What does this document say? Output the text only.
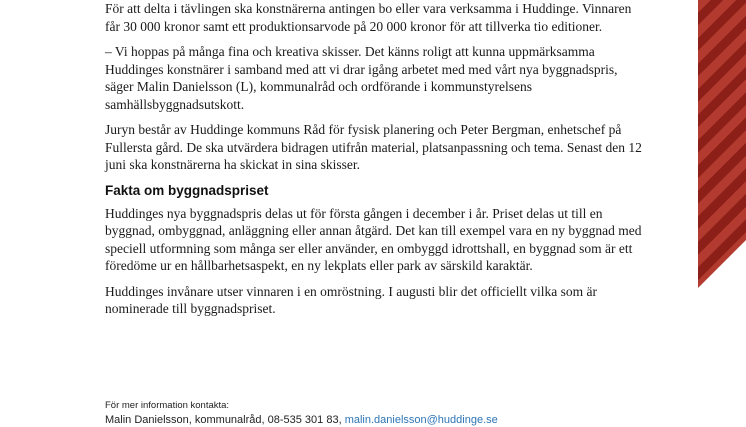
För att delta i tävlingen ska konstnärerna antingen bo eller vara verksamma i Huddinge. Vinnaren får 30 000 kronor samt ett produktionsarvode på 20 000 kronor för att tillverka tio editioner.

– Vi hoppas på många fina och kreativa skisser. Det känns roligt att kunna uppmärksamma Huddinges konstnärer i samband med att vi drar igång arbetet med med vårt nya byggnadspris, säger Malin Danielsson (L), kommunalråd och ordförande i kommunstyrelsens samhällsbyggnadsutskott.

Juryn består av Huddinge kommuns Råd för fysisk planering och Peter Bergman, enhetschef på Fullersta gård. De ska utvärdera bidragen utifrån material, platsanpassning och tema. Senast den 12 juni ska konstnärerna ha skickat in sina skisser.

Fakta om byggnadspriset

Huddinges nya byggnadspris delas ut för första gången i december i år. Priset delas ut till en byggnad, ombyggnad, anläggning eller annan åtgärd. Det kan till exempel vara en ny byggnad med speciell utformning som många ser eller använder, en ombyggd idrottshall, en byggnad som är ett föredöme ur en hållbarhetsaspekt, en ny lekplats eller park av särskild karaktär.

Huddinges invånare utser vinnaren i en omröstning. I augusti blir det officiellt vilka som är nominerade till byggnadspriset.

För mer information kontakta:
Malin Danielsson, kommunalråd, 08-535 301 83, malin.danielsson@huddinge.se
